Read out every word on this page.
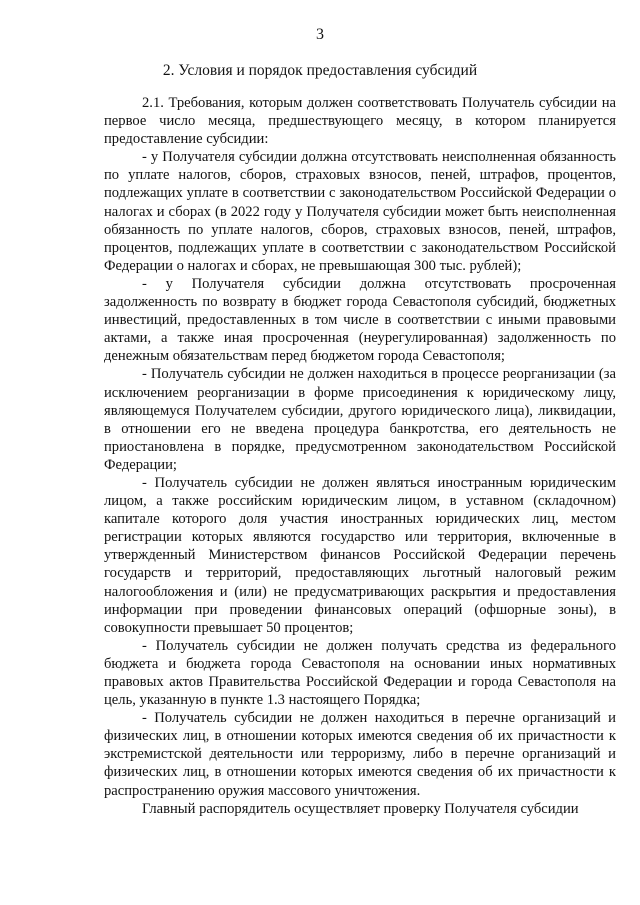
3
2. Условия и порядок предоставления субсидий

2.1. Требования, которым должен соответствовать Получатель субсидии на первое число месяца, предшествующего месяцу, в котором планируется предоставление субсидии:

- у Получателя субсидии должна отсутствовать неисполненная обязанность по уплате налогов, сборов, страховых взносов, пеней, штрафов, процентов, подлежащих уплате в соответствии с законодательством Российской Федерации о налогах и сборах (в 2022 году у Получателя субсидии может быть неисполненная обязанность по уплате налогов, сборов, страховых взносов, пеней, штрафов, процентов, подлежащих уплате в соответствии с законодательством Российской Федерации о налогах и сборах, не превышающая 300 тыс. рублей);

- у Получателя субсидии должна отсутствовать просроченная задолженность по возврату в бюджет города Севастополя субсидий, бюджетных инвестиций, предоставленных в том числе в соответствии с иными правовыми актами, а также иная просроченная (неурегулированная) задолженность по денежным обязательствам перед бюджетом города Севастополя;

- Получатель субсидии не должен находиться в процессе реорганизации (за исключением реорганизации в форме присоединения к юридическому лицу, являющемуся Получателем субсидии, другого юридического лица), ликвидации, в отношении его не введена процедура банкротства, его деятельность не приостановлена в порядке, предусмотренном законодательством Российской Федерации;

- Получатель субсидии не должен являться иностранным юридическим лицом, а также российским юридическим лицом, в уставном (складочном) капитале которого доля участия иностранных юридических лиц, местом регистрации которых являются государство или территория, включенные в утвержденный Министерством финансов Российской Федерации перечень государств и территорий, предоставляющих льготный налоговый режим налогообложения и (или) не предусматривающих раскрытия и предоставления информации при проведении финансовых операций (офшорные зоны), в совокупности превышает 50 процентов;

- Получатель субсидии не должен получать средства из федерального бюджета и бюджета города Севастополя на основании иных нормативных правовых актов Правительства Российской Федерации и города Севастополя на цель, указанную в пункте 1.3 настоящего Порядка;

- Получатель субсидии не должен находиться в перечне организаций и физических лиц, в отношении которых имеются сведения об их причастности к экстремистской деятельности или терроризму, либо в перечне организаций и физических лиц, в отношении которых имеются сведения об их причастности к распространению оружия массового уничтожения.

Главный распорядитель осуществляет проверку Получателя субсидии
